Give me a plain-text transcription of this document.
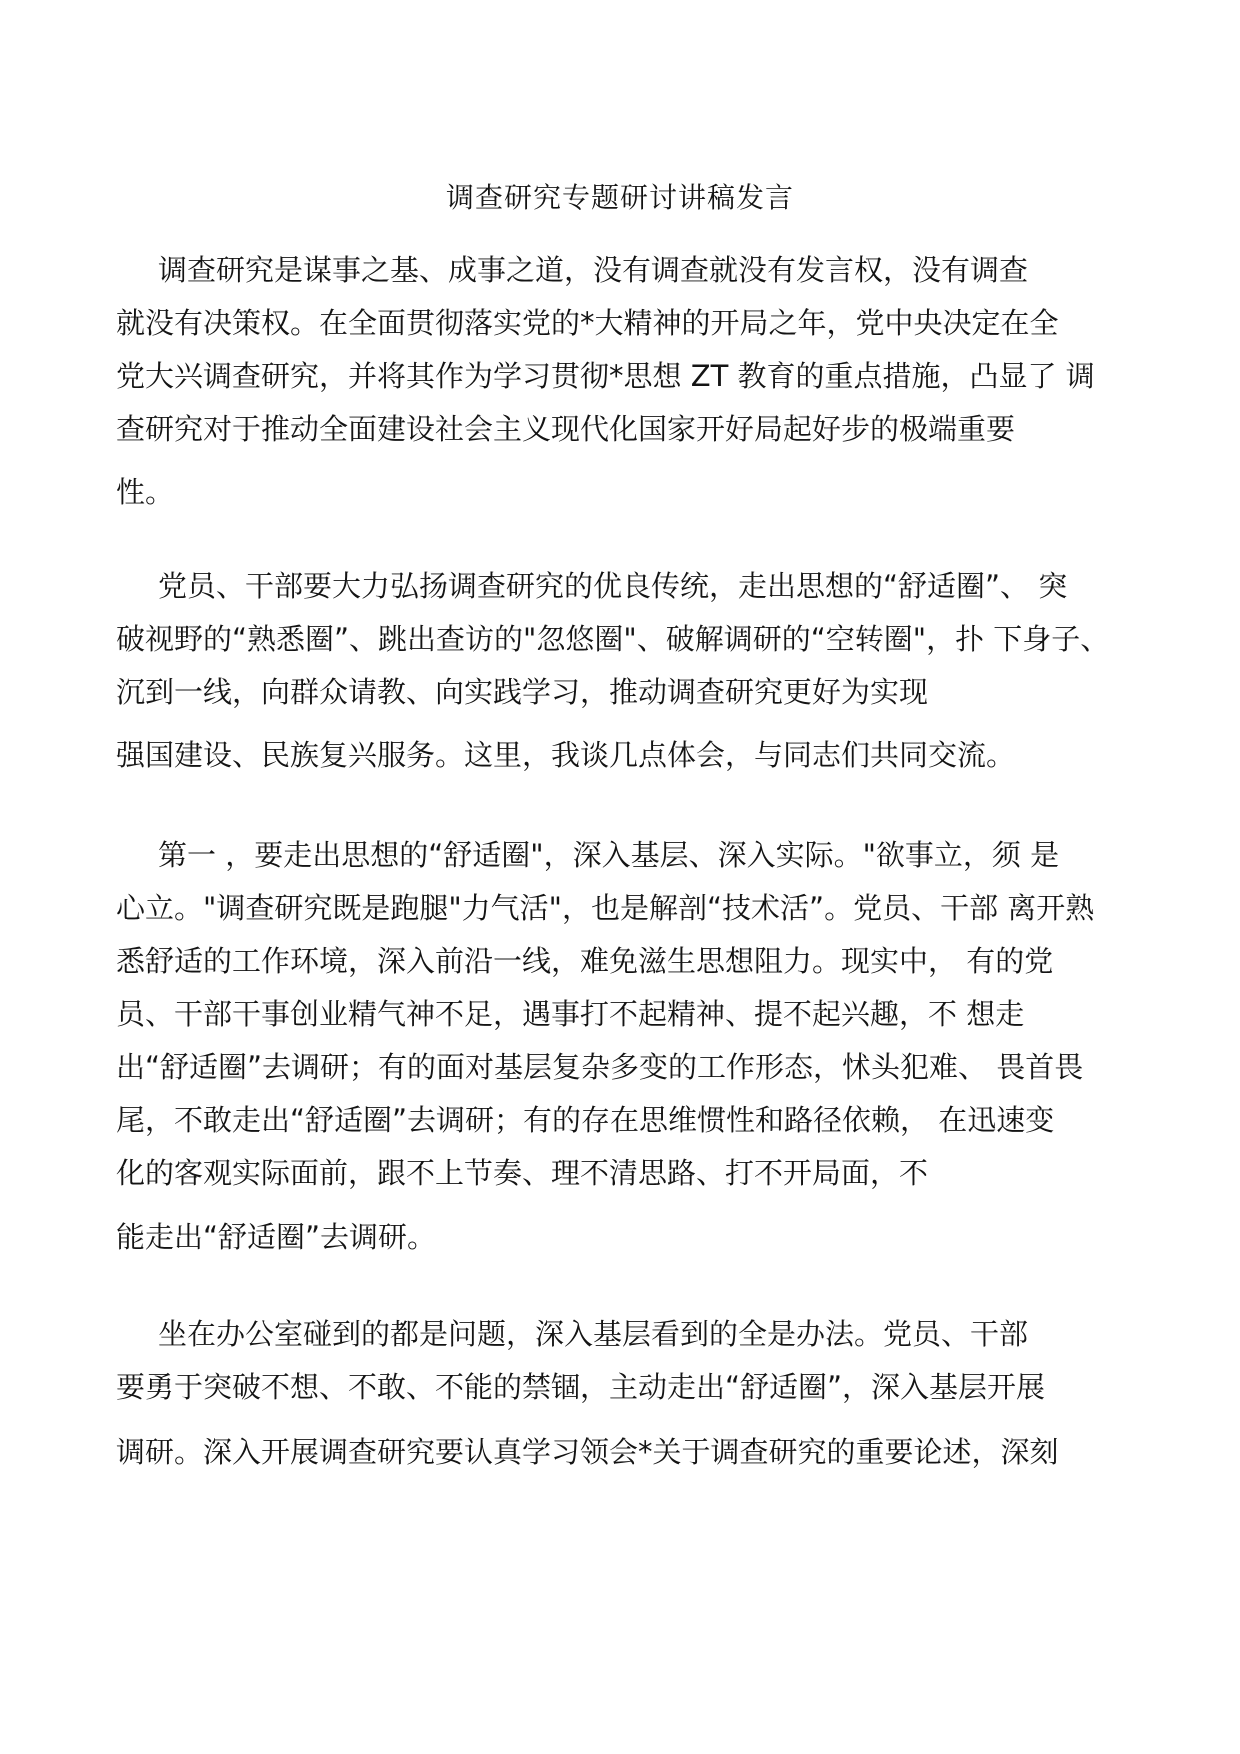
调查研究专题研讨讲稿发言
调查研究是谋事之基、成事之道，没有调查就没有发言权，没有调查
就没有决策权。在全面贯彻落实党的*大精神的开局之年，党中央决定在全
党大兴调查研究，并将其作为学习贯彻*思想 ZT 教育的重点措施，凸显了 调
查研究对于推动全面建设社会主义现代化国家开好局起好步的极端重要
性。
党员、干部要大力弘扬调查研究的优良传统，走出思想的“舒适圈”、 突
破视野的“熟悉圈”、跳出查访的"忽悠圈"、破解调研的“空转圈"，扑 下身子、
沉到一线，向群众请教、向实践学习，推动调查研究更好为实现
强国建设、民族复兴服务。这里，我谈几点体会，与同志们共同交流。
第一 ，要走出思想的“舒适圈"，深入基层、深入实际。"欲事立，须 是
心立。"调查研究既是跑腿"力气活"，也是解剖“技术活”。党员、干部 离开熟
悉舒适的工作环境，深入前沿一线，难免滋生思想阻力。现实中， 有的党
员、干部干事创业精气神不足，遇事打不起精神、提不起兴趣，不 想走
出“舒适圈”去调研；有的面对基层复杂多变的工作形态，怵头犯难、 畏首畏
尾，不敢走出“舒适圈”去调研；有的存在思维惯性和路径依赖， 在迅速变
化的客观实际面前，跟不上节奏、理不清思路、打不开局面，不
能走出“舒适圈”去调研。
坐在办公室碰到的都是问题，深入基层看到的全是办法。党员、干部
要勇于突破不想、不敢、不能的禁锢，主动走出“舒适圈”，深入基层开展
调研。深入开展调查研究要认真学习领会*关于调查研究的重要论述，深刻
